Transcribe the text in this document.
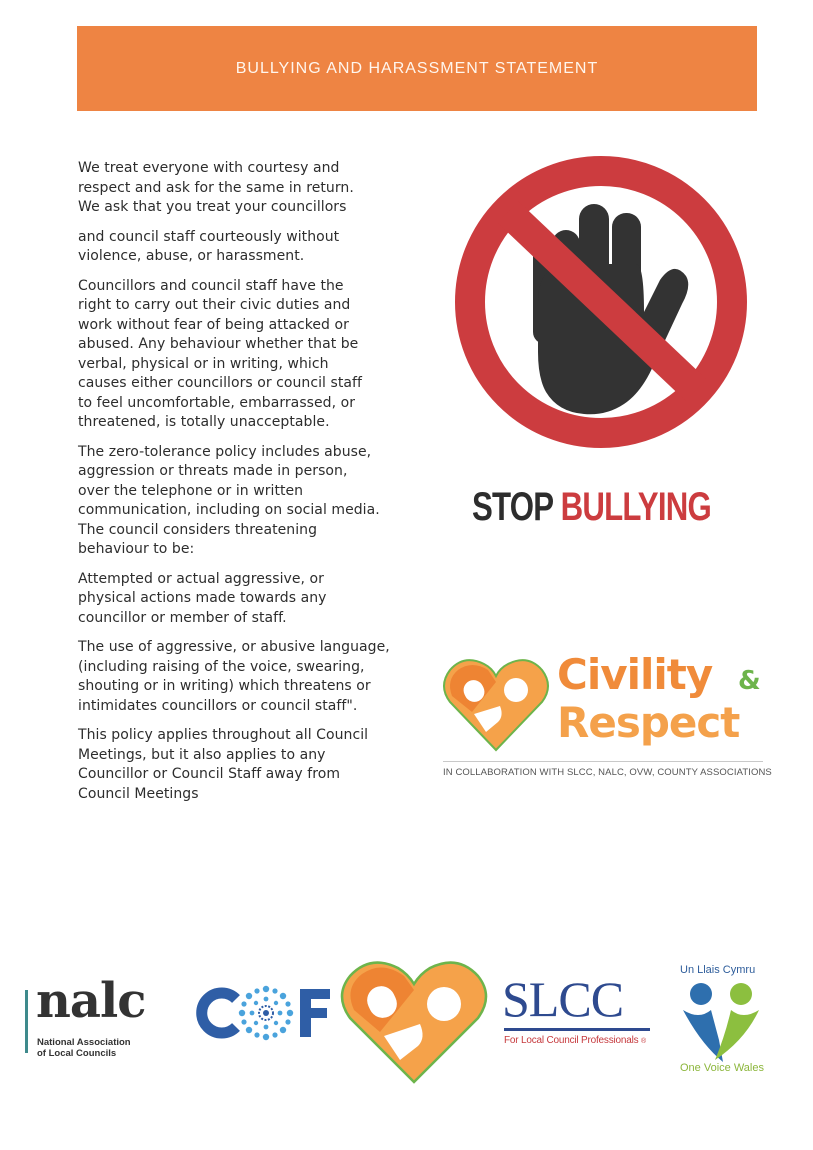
BULLYING AND HARASSMENT STATEMENT

We treat everyone with courtesy and
respect and ask for the same in return.
We ask that you treat your councillors

and council staff courteously without
violence, abuse, or harassment.

Councillors and council staff have the
right to carry out their civic duties and
work without fear of being attacked or
abused. Any behaviour whether that be
verbal, physical or in writing, which
causes either councillors or council staff
to feel uncomfortable, embarrassed, or
threatened, is totally unacceptable.

The zero-tolerance policy includes abuse,
aggression or threats made in person,
over the telephone or in written
communication, including on social media.
The council considers threatening
behaviour to be:

Attempted or actual aggressive, or
physical actions made towards any
councillor or member of staff.

The use of aggressive, or abusive language,
(including raising of the voice, swearing,
shouting or in writing) which threatens or
intimidates councillors or council staff".

This policy applies throughout all Council
Meetings, but it also applies to any
Councillor or Council Staff away from
Council Meetings

STOP BULLYING
Civility &
Respect
IN COLLABORATION WITH SLCC, NALC, OVW, COUNTY ASSOCIATIONS
nalc
National Association
of Local Councils
SLCC
For Local Council Professionals ®
Un Llais Cymru
One Voice Wales
